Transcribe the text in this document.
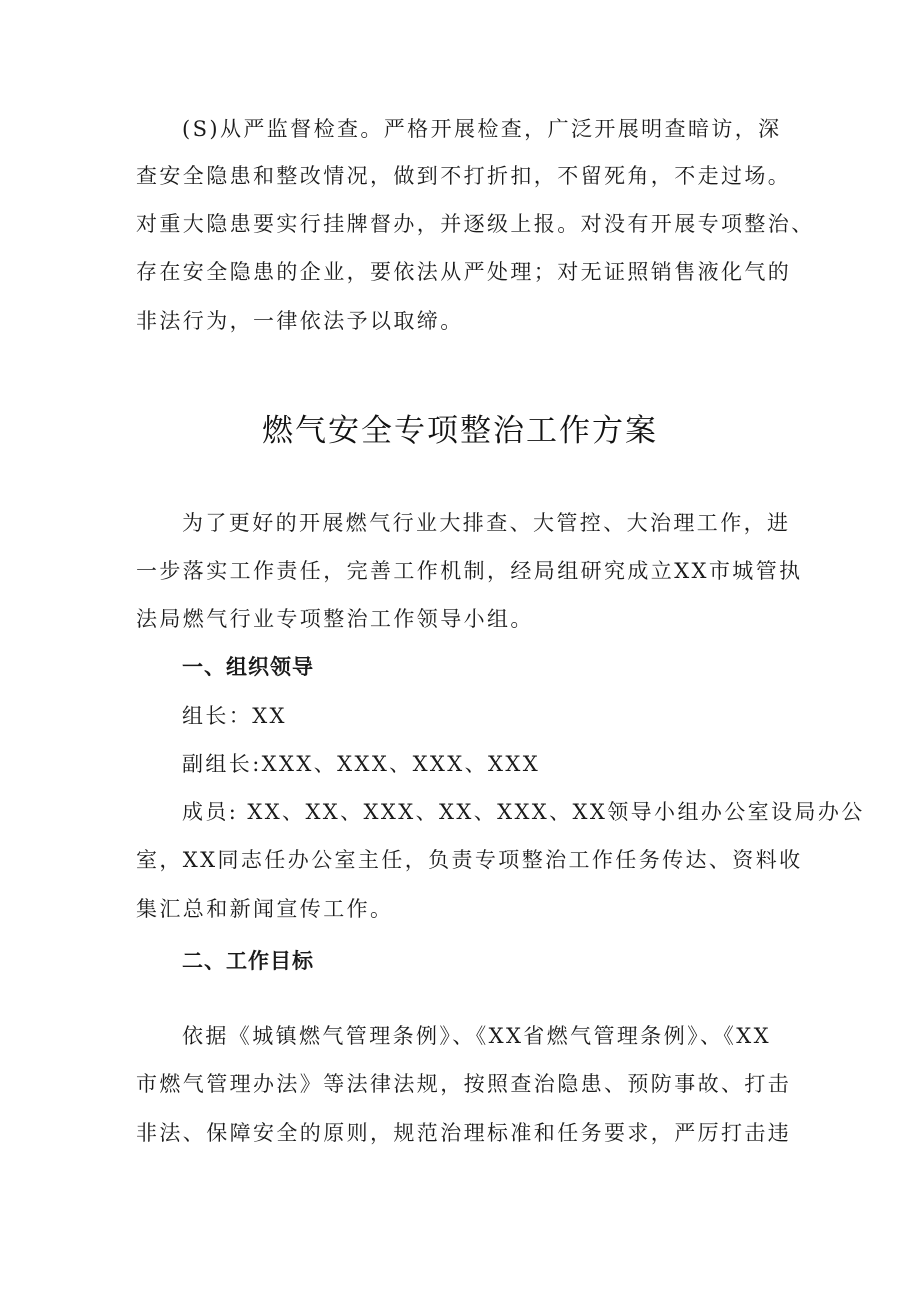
(S)从严监督检查。严格开展检查，广泛开展明查暗访，深
查安全隐患和整改情况，做到不打折扣，不留死角，不走过场。
对重大隐患要实行挂牌督办，并逐级上报。对没有开展专项整治、
存在安全隐患的企业，要依法从严处理；对无证照销售液化气的
非法行为，一律依法予以取缔。
燃气安全专项整治工作方案
为了更好的开展燃气行业大排查、大管控、大治理工作，进
一步落实工作责任，完善工作机制，经局组研究成立XX市城管执
法局燃气行业专项整治工作领导小组。
一、组织领导
组长：XX
副组长:XXX、XXX、XXX、XXX
成员: XX、XX、XXX、XX、XXX、XX领导小组办公室设局办公
室，XX同志任办公室主任，负责专项整治工作任务传达、资料收
集汇总和新闻宣传工作。
二、工作目标
依据《城镇燃气管理条例》、《XX省燃气管理条例》、《XX
市燃气管理办法》等法律法规，按照查治隐患、预防事故、打击
非法、保障安全的原则，规范治理标准和任务要求，严厉打击违
